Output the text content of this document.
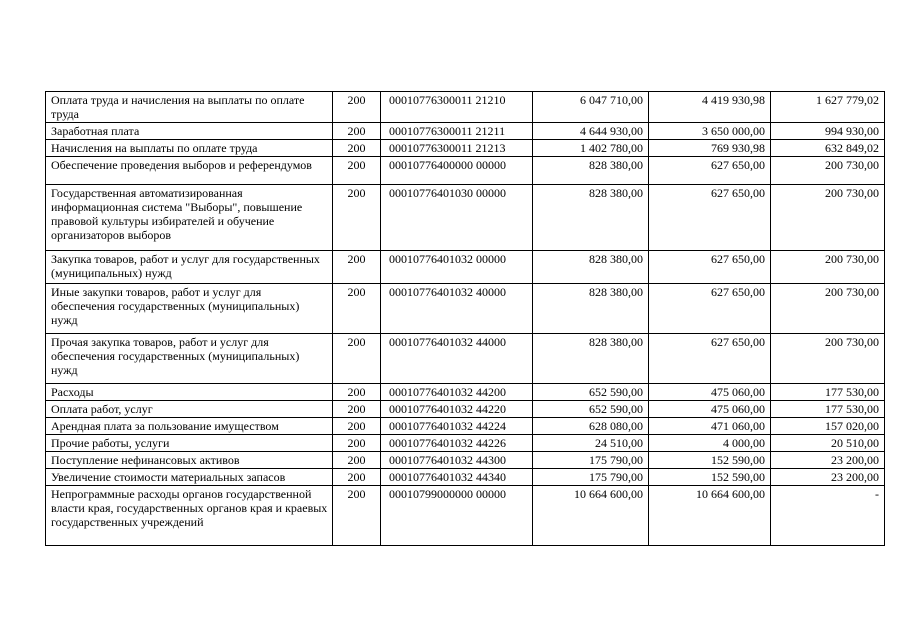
Оплата труда и начисления на выплаты по оплате труда	200	00010776300011 21210	6 047 710,00	4 419 930,98	1 627 779,02
Заработная плата	200	00010776300011 21211	4 644 930,00	3 650 000,00	994 930,00
Начисления на выплаты по оплате труда	200	00010776300011 21213	1 402 780,00	769 930,98	632 849,02
Обеспечение проведения выборов и референдумов	200	00010776400000 00000	828 380,00	627 650,00	200 730,00
Государственная автоматизированная информационная система "Выборы", повышение правовой культуры избирателей и обучение организаторов выборов	200	00010776401030 00000	828 380,00	627 650,00	200 730,00
Закупка товаров, работ и услуг для государственных (муниципальных) нужд	200	00010776401032 00000	828 380,00	627 650,00	200 730,00
Иные закупки товаров, работ и услуг для обеспечения государственных (муниципальных) нужд	200	00010776401032 40000	828 380,00	627 650,00	200 730,00
Прочая закупка товаров, работ и услуг для обеспечения государственных (муниципальных) нужд	200	00010776401032 44000	828 380,00	627 650,00	200 730,00
Расходы	200	00010776401032 44200	652 590,00	475 060,00	177 530,00
Оплата работ, услуг	200	00010776401032 44220	652 590,00	475 060,00	177 530,00
Арендная плата за пользование имуществом	200	00010776401032 44224	628 080,00	471 060,00	157 020,00
Прочие работы, услуги	200	00010776401032 44226	24 510,00	4 000,00	20 510,00
Поступление нефинансовых активов	200	00010776401032 44300	175 790,00	152 590,00	23 200,00
Увеличение стоимости материальных запасов	200	00010776401032 44340	175 790,00	152 590,00	23 200,00
Непрограммные расходы органов государственной власти края, государственных органов края и краевых государственных учреждений	200	00010799000000 00000	10 664 600,00	10 664 600,00	-
